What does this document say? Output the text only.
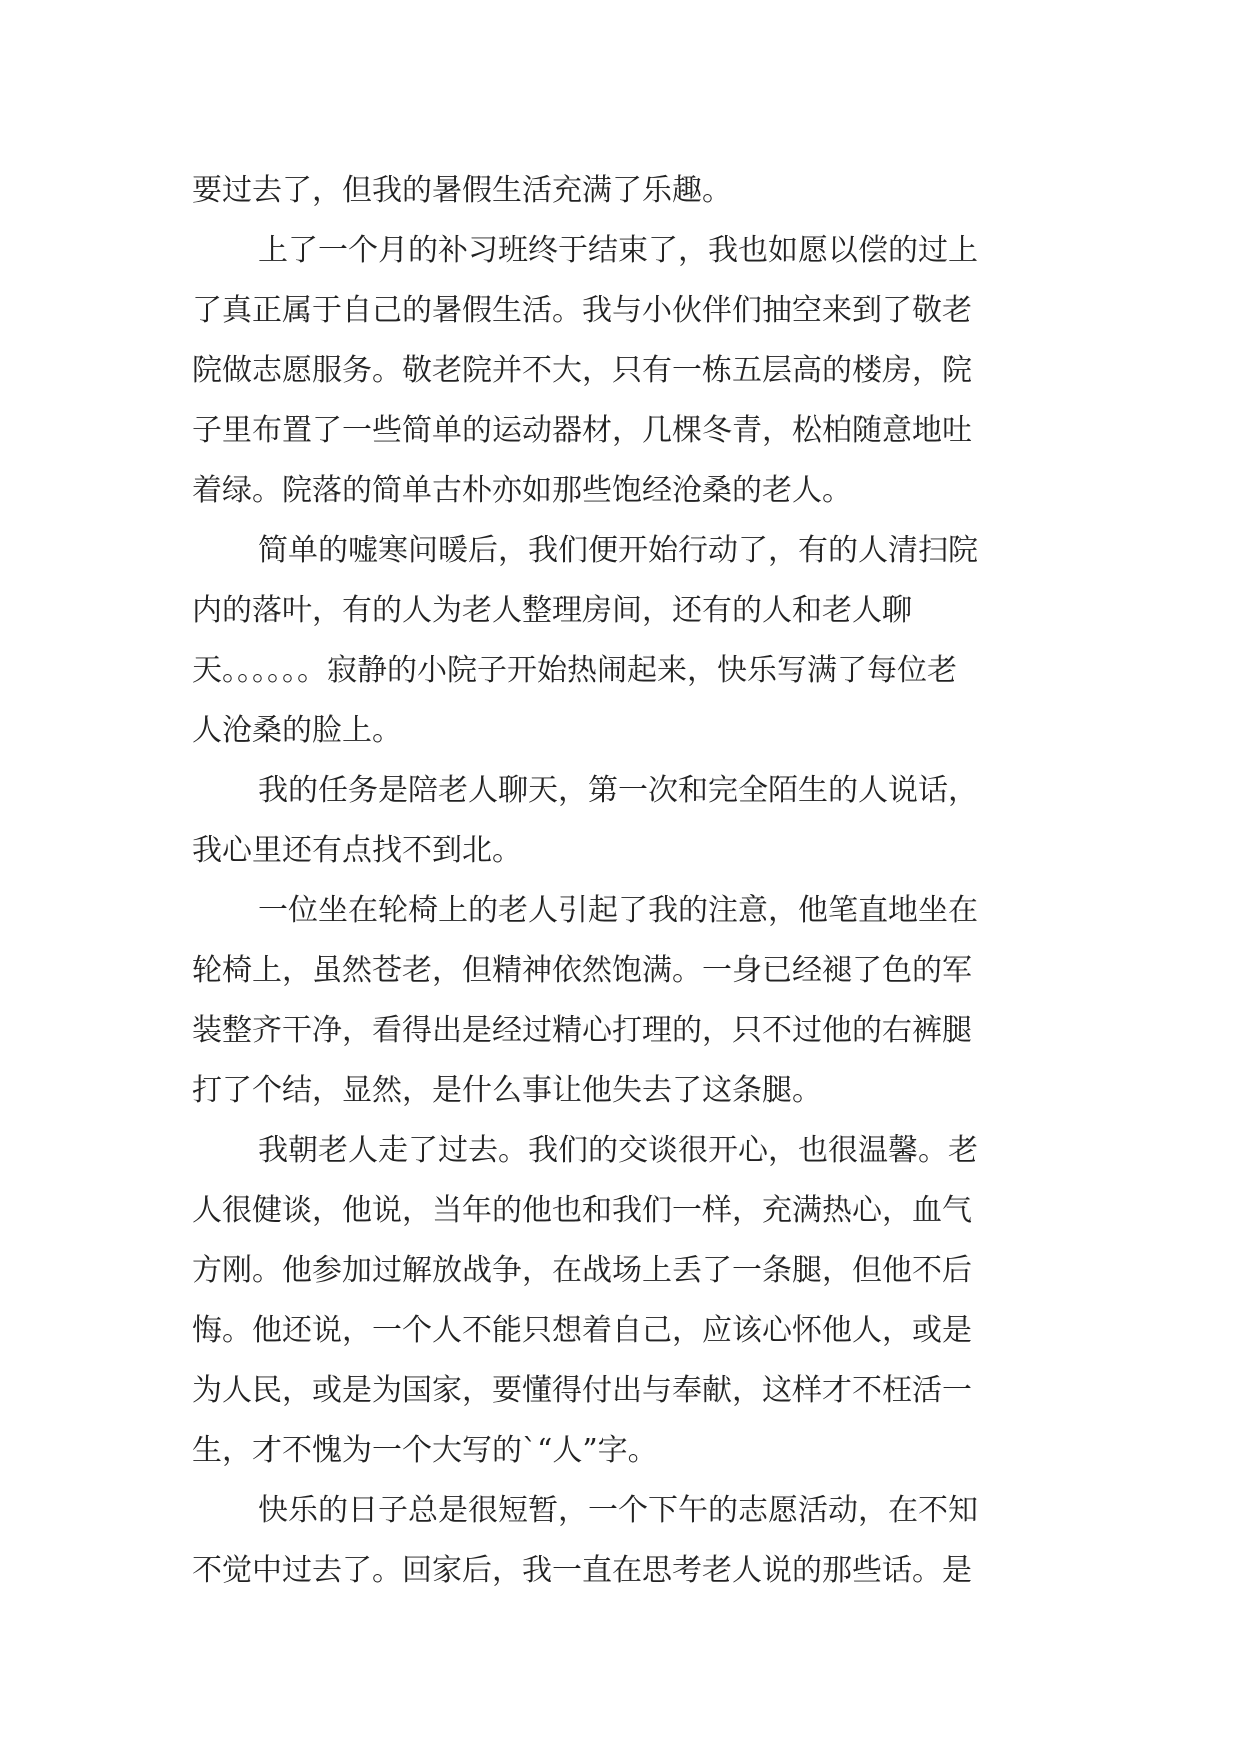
要过去了，但我的暑假生活充满了乐趣。
上了一个月的补习班终于结束了，我也如愿以偿的过上
了真正属于自己的暑假生活。我与小伙伴们抽空来到了敬老
院做志愿服务。敬老院并不大，只有一栋五层高的楼房，院
子里布置了一些简单的运动器材，几棵冬青，松柏随意地吐
着绿。院落的简单古朴亦如那些饱经沧桑的老人。
简单的嘘寒问暖后，我们便开始行动了，有的人清扫院
内的落叶，有的人为老人整理房间，还有的人和老人聊
天。。。。。。寂静的小院子开始热闹起来，快乐写满了每位老
人沧桑的脸上。
我的任务是陪老人聊天，第一次和完全陌生的人说话，
我心里还有点找不到北。
一位坐在轮椅上的老人引起了我的注意，他笔直地坐在
轮椅上，虽然苍老，但精神依然饱满。一身已经褪了色的军
装整齐干净，看得出是经过精心打理的，只不过他的右裤腿
打了个结，显然，是什么事让他失去了这条腿。
我朝老人走了过去。我们的交谈很开心，也很温馨。老
人很健谈，他说，当年的他也和我们一样，充满热心，血气
方刚。他参加过解放战争，在战场上丢了一条腿，但他不后
悔。他还说，一个人不能只想着自己，应该心怀他人，或是
为人民，或是为国家，要懂得付出与奉献，这样才不枉活一
生，才不愧为一个大写的`“人”字。
快乐的日子总是很短暂，一个下午的志愿活动，在不知
不觉中过去了。回家后，我一直在思考老人说的那些话。是
